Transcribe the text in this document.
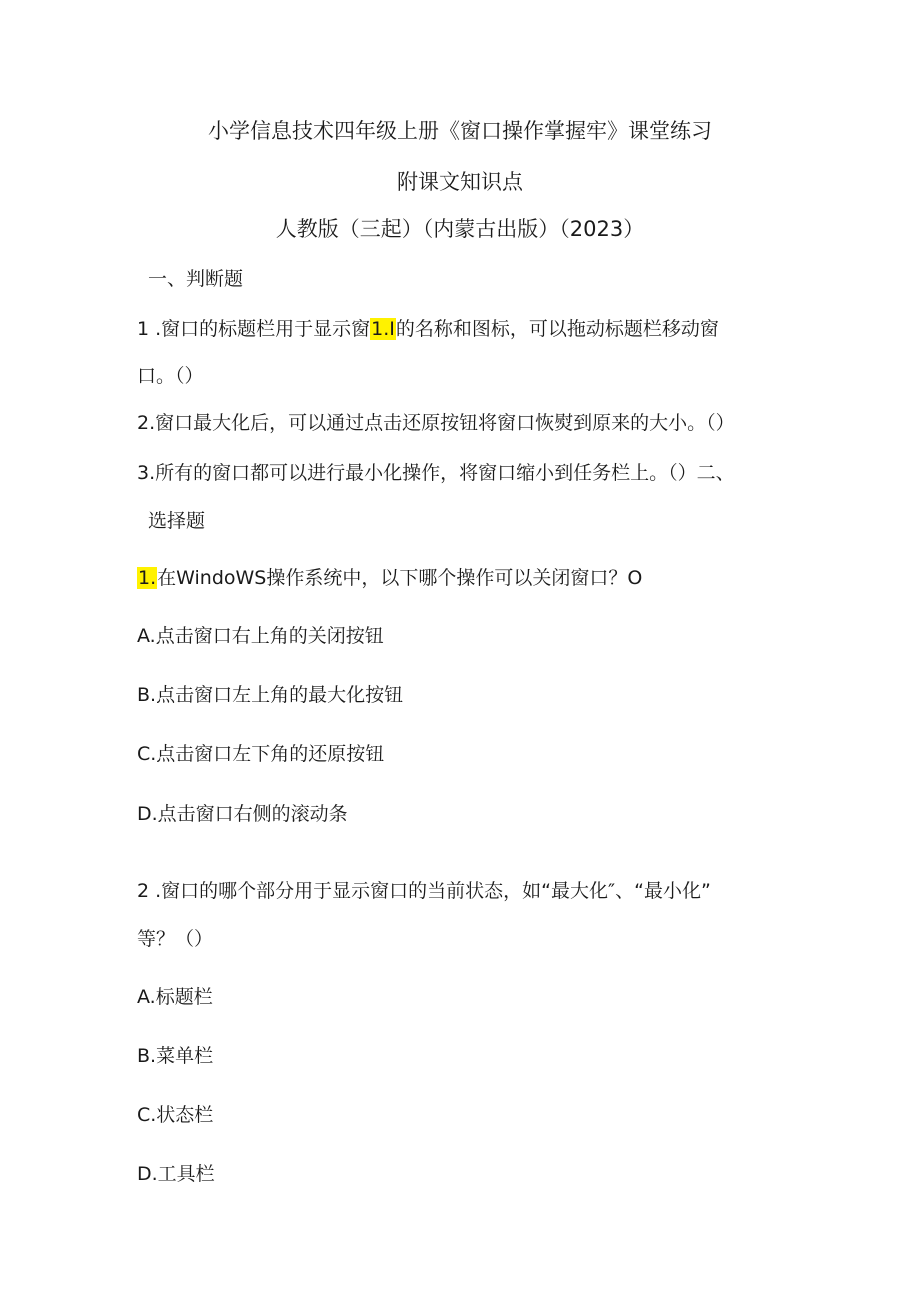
小学信息技术四年级上册《窗口操作掌握牢》课堂练习
附课文知识点
人教版（三起）（内蒙古出版）（2023）
一、判断题
1 .窗口的标题栏用于显示窗1.I的名称和图标，可以拖动标题栏移动窗
口。（）
2.窗口最大化后，可以通过点击还原按钮将窗口恢熨到原来的大小。（）
3.所有的窗口都可以进行最小化操作，将窗口缩小到任务栏上。（）二、
选择题
1.在WindoWS操作系统中，以下哪个操作可以关闭窗口？O
A.点击窗口右上角的关闭按钮
B.点击窗口左上角的最大化按钮
C.点击窗口左下角的还原按钮
D.点击窗口右侧的滚动条
2 .窗口的哪个部分用于显示窗口的当前状态，如“最大化″、“最小化”
等？（）
A.标题栏
B.菜单栏
C.状态栏
D.工具栏
